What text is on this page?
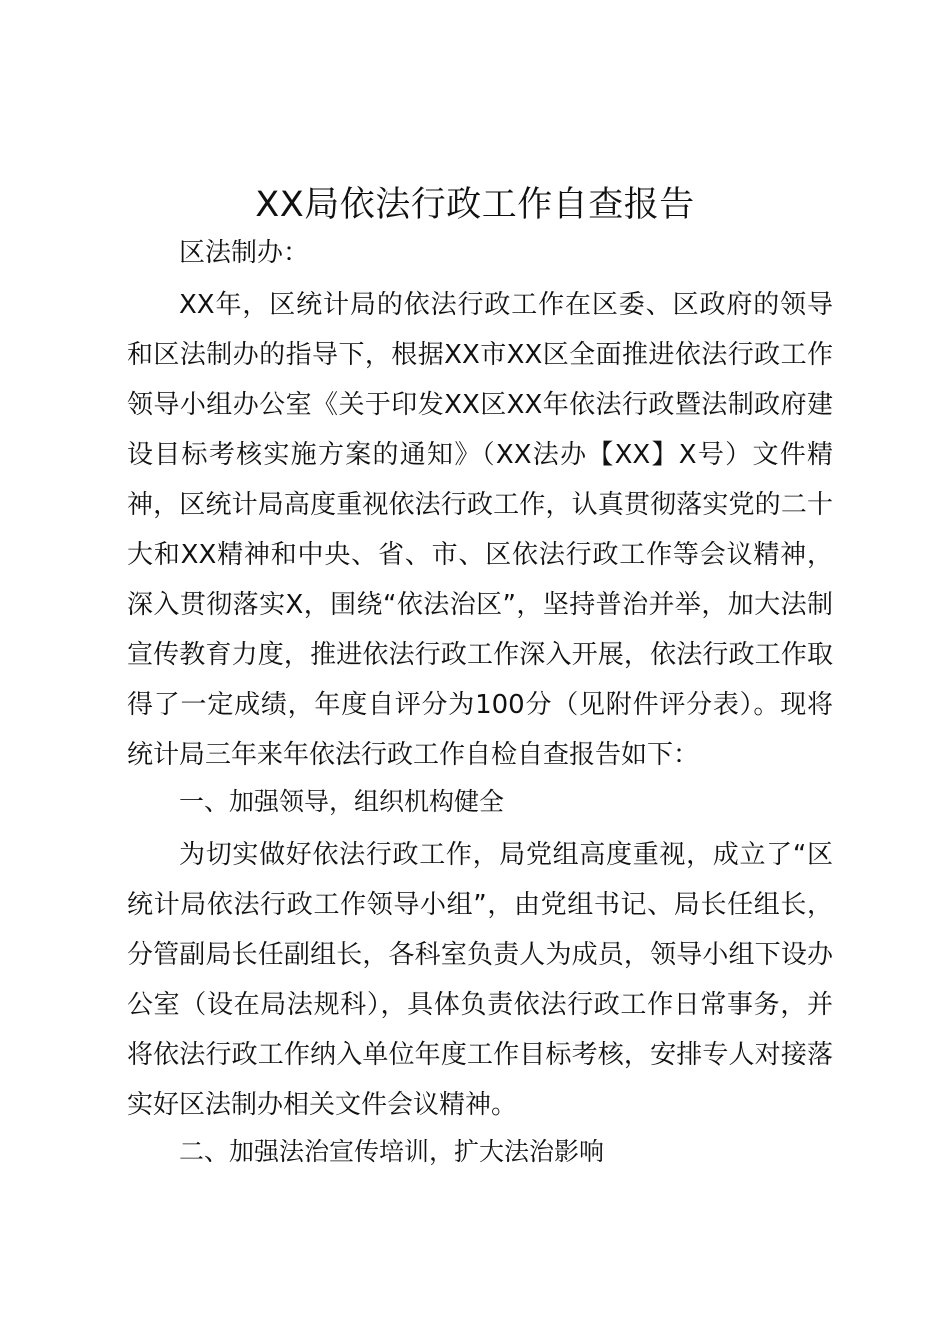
XX局依法行政工作自查报告
区法制办：
XX年，区统计局的依法行政工作在区委、区政府的领导和区法制办的指导下，根据XX市XX区全面推进依法行政工作领导小组办公室《关于印发XX区XX年依法行政暨法制政府建设目标考核实施方案的通知》（XX法办【XX】X号）文件精神，区统计局高度重视依法行政工作，认真贯彻落实党的二十大和XX精神和中央、省、市、区依法行政工作等会议精神，深入贯彻落实X，围绕“依法治区”，坚持普治并举，加大法制宣传教育力度，推进依法行政工作深入开展，依法行政工作取得了一定成绩，年度自评分为100分（见附件评分表）。现将统计局三年来年依法行政工作自检自查报告如下：
一、加强领导，组织机构健全
为切实做好依法行政工作，局党组高度重视，成立了“区统计局依法行政工作领导小组”，由党组书记、局长任组长，分管副局长任副组长，各科室负责人为成员，领导小组下设办公室（设在局法规科），具体负责依法行政工作日常事务，并将依法行政工作纳入单位年度工作目标考核，安排专人对接落实好区法制办相关文件会议精神。
二、加强法治宣传培训，扩大法治影响
